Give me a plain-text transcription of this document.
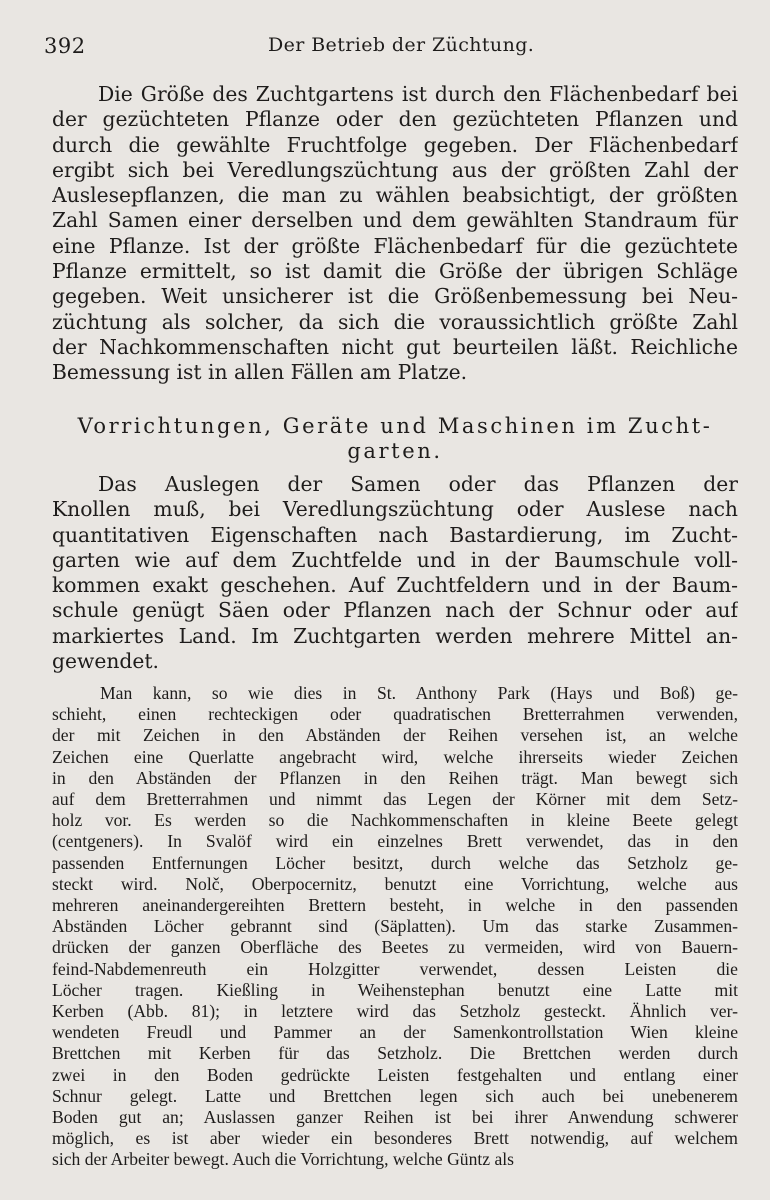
392	Der Betrieb der Züchtung.

Die Größe des Zuchtgartens ist durch den Flächenbedarf bei
der gezüchteten Pflanze oder den gezüchteten Pflanzen und
durch die gewählte Fruchtfolge gegeben. Der Flächenbedarf
ergibt sich bei Veredlungszüchtung aus der größten Zahl der
Auslesepflanzen, die man zu wählen beabsichtigt, der größten
Zahl Samen einer derselben und dem gewählten Standraum für
eine Pflanze. Ist der größte Flächenbedarf für die gezüchtete
Pflanze ermittelt, so ist damit die Größe der übrigen Schläge
gegeben. Weit unsicherer ist die Größenbemessung bei Neu-
züchtung als solcher, da sich die voraussichtlich größte Zahl
der Nachkommenschaften nicht gut beurteilen läßt. Reichliche
Bemessung ist in allen Fällen am Platze.

Vorrichtungen, Geräte und Maschinen im Zucht-
garten.

Das Auslegen der Samen oder das Pflanzen der
Knollen muß, bei Veredlungszüchtung oder Auslese nach
quantitativen Eigenschaften nach Bastardierung, im Zucht-
garten wie auf dem Zuchtfelde und in der Baumschule voll-
kommen exakt geschehen. Auf Zuchtfeldern und in der Baum-
schule genügt Säen oder Pflanzen nach der Schnur oder auf
markiertes Land. Im Zuchtgarten werden mehrere Mittel an-
gewendet.

Man kann, so wie dies in St. Anthony Park (Hays und Boß) ge-
schieht, einen rechteckigen oder quadratischen Bretterrahmen verwenden,
der mit Zeichen in den Abständen der Reihen versehen ist, an welche
Zeichen eine Querlatte angebracht wird, welche ihrerseits wieder Zeichen
in den Abständen der Pflanzen in den Reihen trägt. Man bewegt sich
auf dem Bretterrahmen und nimmt das Legen der Körner mit dem Setz-
holz vor. Es werden so die Nachkommenschaften in kleine Beete gelegt
(centgeners). In Svalöf wird ein einzelnes Brett verwendet, das in den
passenden Entfernungen Löcher besitzt, durch welche das Setzholz ge-
steckt wird. Nolč, Oberpocernitz, benutzt eine Vorrichtung, welche aus
mehreren aneinandergereihten Brettern besteht, in welche in den passenden
Abständen Löcher gebrannt sind (Säplatten). Um das starke Zusammen-
drücken der ganzen Oberfläche des Beetes zu vermeiden, wird von Bauern-
feind-Nabdemenreuth ein Holzgitter verwendet, dessen Leisten die
Löcher tragen. Kießling in Weihenstephan benutzt eine Latte mit
Kerben (Abb. 81); in letztere wird das Setzholz gesteckt. Ähnlich ver-
wendeten Freudl und Pammer an der Samenkontrollstation Wien kleine
Brettchen mit Kerben für das Setzholz. Die Brettchen werden durch
zwei in den Boden gedrückte Leisten festgehalten und entlang einer
Schnur gelegt. Latte und Brettchen legen sich auch bei unebenerem
Boden gut an; Auslassen ganzer Reihen ist bei ihrer Anwendung schwerer
möglich, es ist aber wieder ein besonderes Brett notwendig, auf welchem
sich der Arbeiter bewegt. Auch die Vorrichtung, welche Güntz als
